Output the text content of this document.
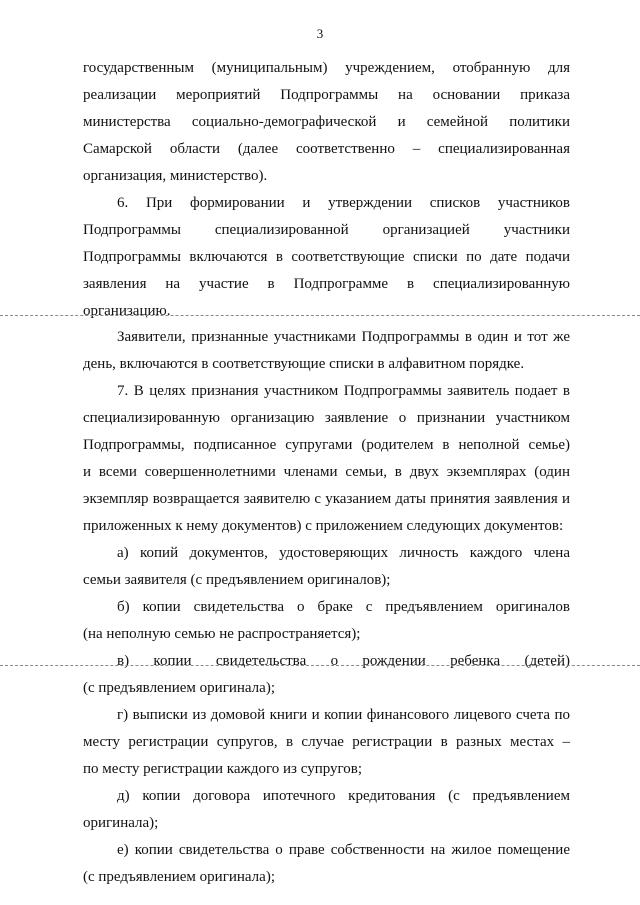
3
государственным (муниципальным) учреждением, отобранную для
реализации мероприятий Подпрограммы на основании приказа
министерства социально-демографической и семейной политики
Самарской области (далее соответственно – специализированная
организация, министерство).
6. При формировании и утверждении списков участников
Подпрограммы специализированной организацией участники
Подпрограммы включаются в соответствующие списки по дате подачи
заявления на участие в Подпрограмме в специализированную
организацию.
Заявители, признанные участниками Подпрограммы в один и тот же
день, включаются в соответствующие списки в алфавитном порядке.
7. В целях признания участником Подпрограммы заявитель подает в
специализированную организацию заявление о признании участником
Подпрограммы, подписанное супругами (родителем в неполной семье)
и всеми совершеннолетними членами семьи, в двух экземплярах (один
экземпляр возвращается заявителю с указанием даты принятия заявления и
приложенных к нему документов) с приложением следующих документов:
а) копий документов, удостоверяющих личность каждого члена
семьи заявителя (с предъявлением оригиналов);
б) копии свидетельства о браке с предъявлением оригиналов
(на неполную семью не распространяется);
в) копии свидетельства о рождении ребенка (детей)
(с предъявлением оригинала);
г) выписки из домовой книги и копии финансового лицевого счета по
месту регистрации супругов, в случае регистрации в разных местах –
по месту регистрации каждого из супругов;
д) копии договора ипотечного кредитования (с предъявлением
оригинала);
е) копии свидетельства о праве собственности на жилое помещение
(с предъявлением оригинала);
